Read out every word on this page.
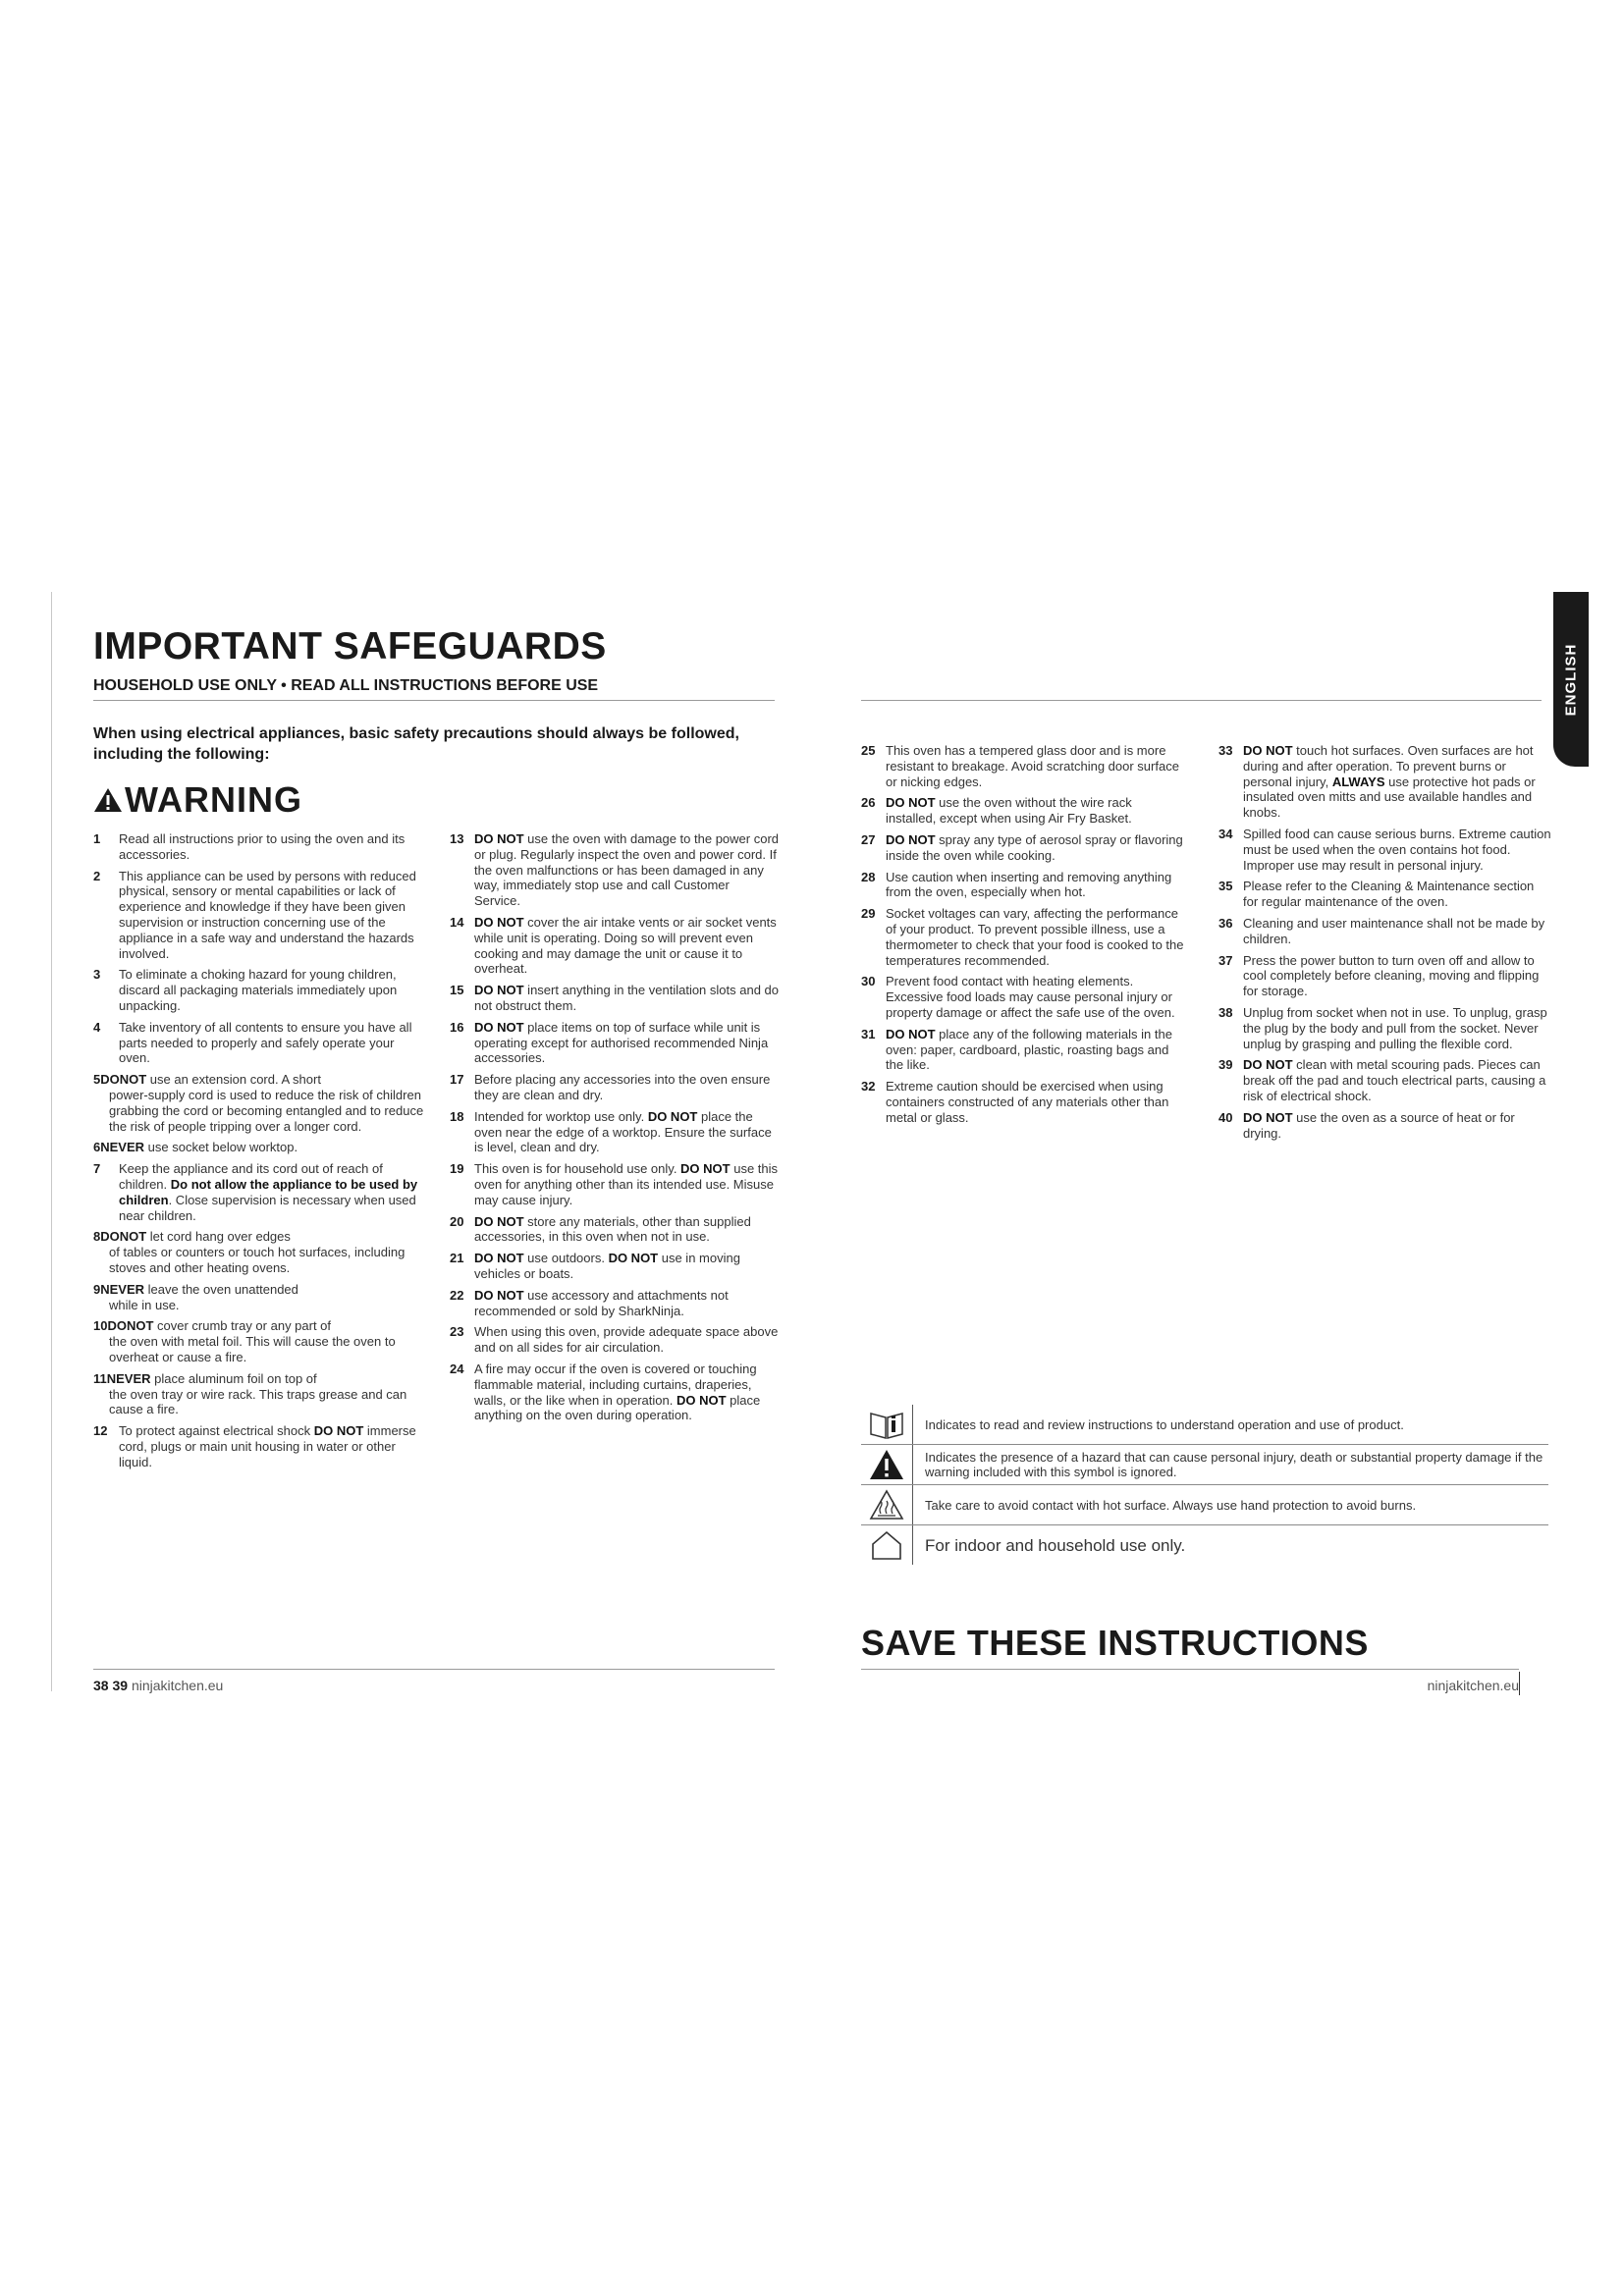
ENGLISH
IMPORTANT SAFEGUARDS

HOUSEHOLD USE ONLY • READ ALL INSTRUCTIONS BEFORE USE

When using electrical appliances, basic safety precautions should always be followed, including the following:

WARNING
1	Read all instructions prior to using the oven and its accessories.
2	This appliance can be used by persons with reduced physical, sensory or mental capabilities or lack of experience and knowledge if they have been given supervision or instruction concerning use of the appliance in a safe way and understand the hazards involved.
3	To eliminate a choking hazard for young children, discard all packaging materials immediately upon unpacking.
4	Take inventory of all contents to ensure you have all parts needed to properly and safely operate your oven.
5DONOT use an extension cord. A short
power-supply cord is used to reduce the risk of children grabbing the cord or becoming entangled and to reduce the risk of people tripping over a longer cord.
6NEVER use socket below worktop.
7	Keep the appliance and its cord out of reach of children. Do not allow the appliance to be used by children. Close supervision is necessary when used near children.
8DONOT let cord hang over edges
of tables or counters or touch hot surfaces, including stoves and other heating ovens.
9NEVER leave the oven unattended
while in use.
10DONOT cover crumb tray or any part of
the oven with metal foil. This will cause the oven to overheat or cause a fire.
11NEVER place aluminum foil on top of
the oven tray or wire rack. This traps grease and can cause a fire.
12 To protect against electrical shock DO NOT immerse cord, plugs or main unit housing in water or other liquid.
13 DO NOT use the oven with damage to the power cord or plug. Regularly inspect the oven and power cord. If the oven malfunctions or has been damaged in any way, immediately stop use and call Customer Service.
14 DO NOT cover the air intake vents or air socket vents while unit is operating. Doing so will prevent even cooking and may damage the unit or cause it to overheat.
15 DO NOT insert anything in the ventilation slots and do not obstruct them.
16 DO NOT place items on top of surface while unit is operating except for authorised recommended Ninja accessories.
17 Before placing any accessories into the oven ensure they are clean and dry.
18 Intended for worktop use only. DO NOT place the oven near the edge of a worktop. Ensure the surface is level, clean and dry.
19 This oven is for household use only. DO NOT use this oven for anything other than its intended use. Misuse may cause injury.
20 DO NOT store any materials, other than supplied accessories, in this oven when not in use.
21 DO NOT use outdoors. DO NOT use in moving vehicles or boats.
22 DO NOT use accessory and attachments not recommended or sold by SharkNinja.
23 When using this oven, provide adequate space above and on all sides for air circulation.
24 A fire may occur if the oven is covered or touching flammable material, including curtains, draperies, walls, or the like when in operation. DO NOT place anything on the oven during operation.
25 This oven has a tempered glass door and is more resistant to breakage. Avoid scratching door surface or nicking edges.
26 DO NOT use the oven without the wire rack installed, except when using Air Fry Basket.
27 DO NOT spray any type of aerosol spray or flavoring inside the oven while cooking.
28 Use caution when inserting and removing anything from the oven, especially when hot.
29 Socket voltages can vary, affecting the performance of your product. To prevent possible illness, use a thermometer to check that your food is cooked to the temperatures recommended.
30 Prevent food contact with heating elements. Excessive food loads may cause personal injury or property damage or affect the safe use of the oven.
31 DO NOT place any of the following materials in the oven: paper, cardboard, plastic, roasting bags and the like.
32 Extreme caution should be exercised when using containers constructed of any materials other than metal or glass.
33 DO NOT touch hot surfaces. Oven surfaces are hot during and after operation. To prevent burns or personal injury, ALWAYS use protective hot pads or insulated oven mitts and use available handles and knobs.
34 Spilled food can cause serious burns. Extreme caution must be used when the oven contains hot food. Improper use may result in personal injury.
35 Please refer to the Cleaning & Maintenance section for regular maintenance of the oven.
36 Cleaning and user maintenance shall not be made by children.
37 Press the power button to turn oven off and allow to cool completely before cleaning, moving and flipping for storage.
38 Unplug from socket when not in use. To unplug, grasp the plug by the body and pull from the socket. Never unplug by grasping and pulling the flexible cord.
39 DO NOT clean with metal scouring pads. Pieces can break off the pad and touch electrical parts, causing a risk of electrical shock.
40 DO NOT use the oven as a source of heat or for drying.
Indicates to read and review instructions to understand operation and use of product.
Indicates the presence of a hazard that can cause personal injury, death or substantial property damage if the warning included with this symbol is ignored.
Take care to avoid contact with hot surface. Always use hand protection to avoid burns.
For indoor and household use only.
SAVE THESE INSTRUCTIONS
38 39 ninjakitchen.eu	ninjakitchen.eu
